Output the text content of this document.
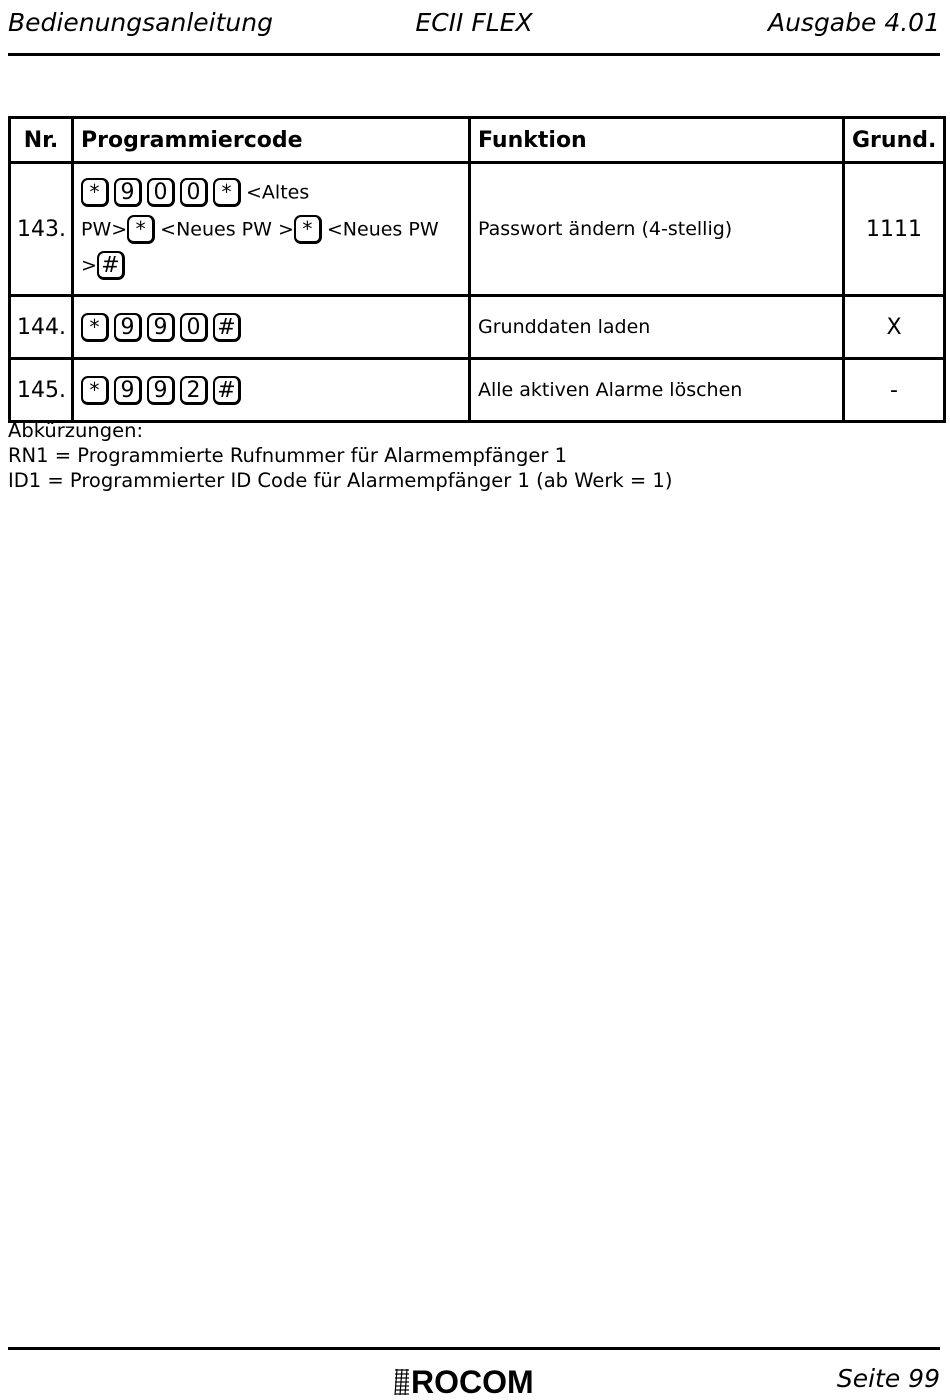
Bedienungsanleitung	ECII FLEX	Ausgabe 4.01
Nr.	Programmiercode	Funktion	Grund.
143.	* 9 0 0 * <Altes
PW> * <Neues PW > * <Neues PW
> #	Passwort ändern (4-stellig)	1111
144.	* 9 9 0 #	Grunddaten laden	X
145.	* 9 9 2 #	Alle aktiven Alarme löschen	-
Abkürzungen:
RN1 = Programmierte Rufnummer für Alarmempfänger 1
ID1 = Programmierter ID Code für Alarmempfänger 1 (ab Werk = 1)
ROCOM	Seite 99
